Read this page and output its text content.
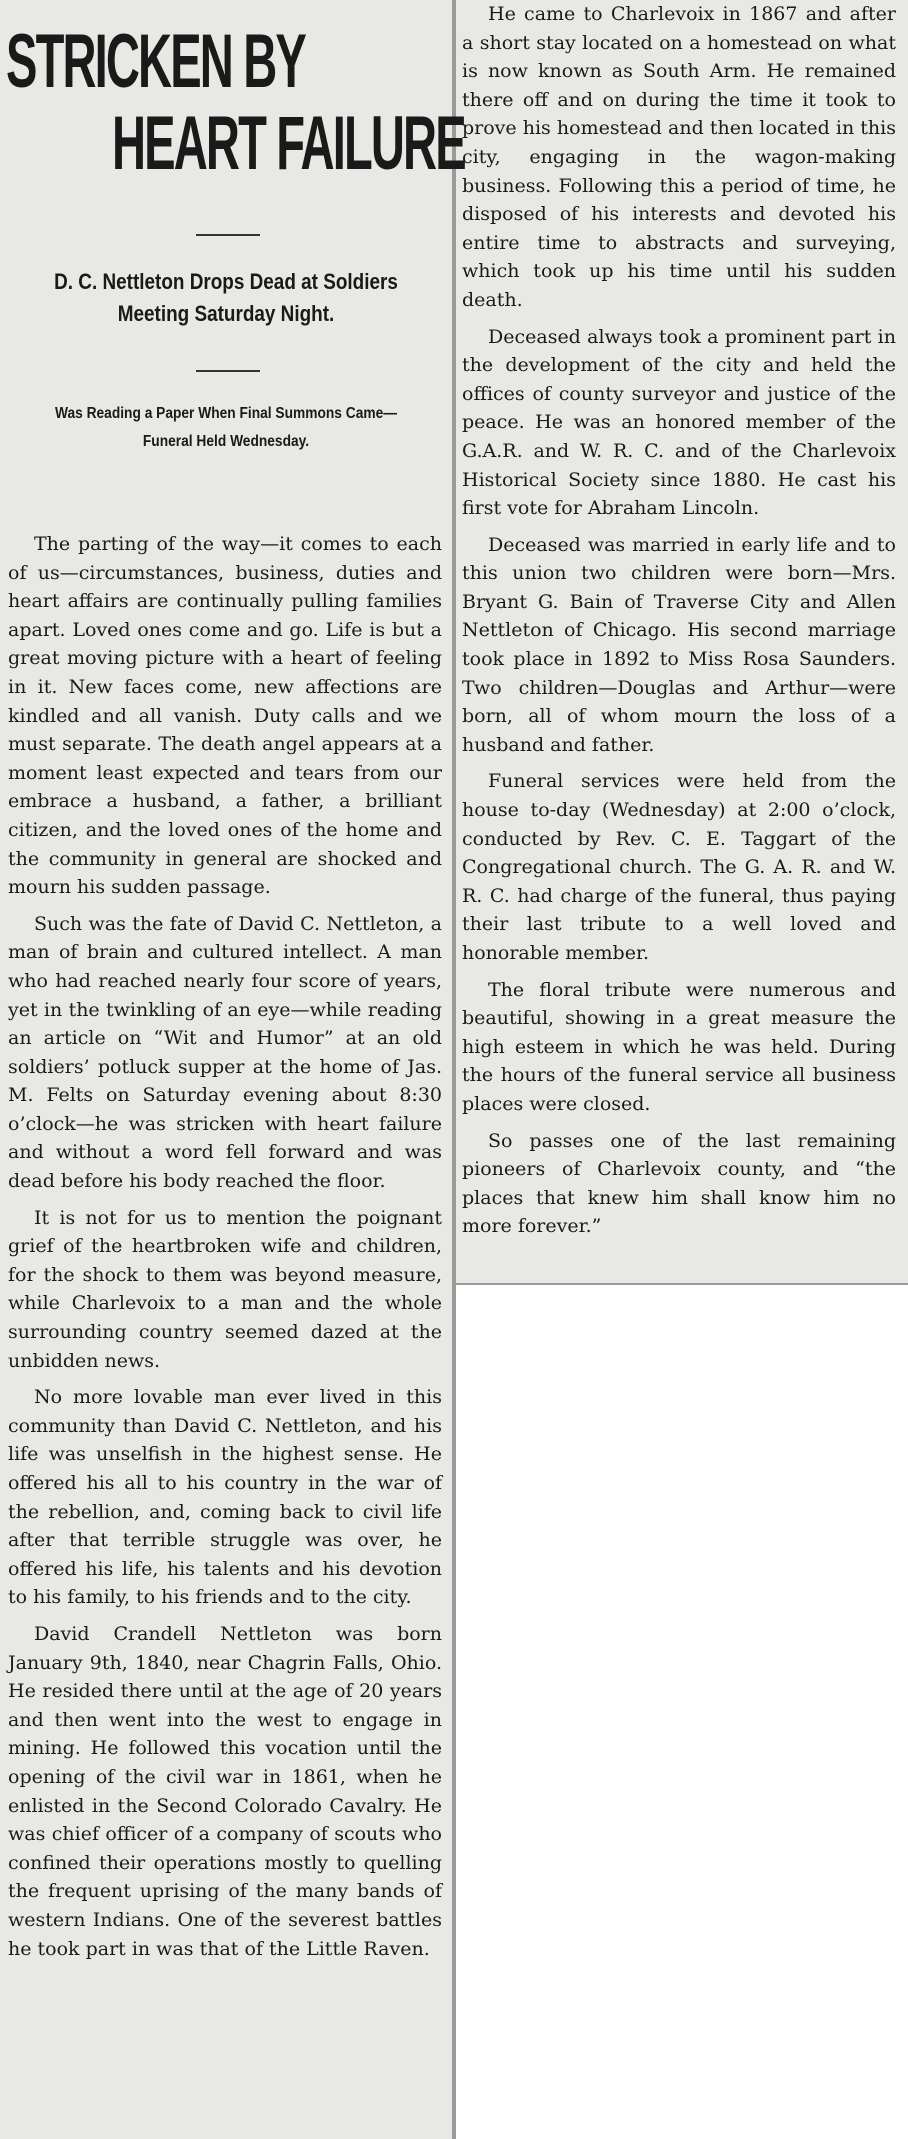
STRICKEN BY
HEART FAILURE
D. C. Nettleton Drops Dead at Soldiers Meeting Saturday Night.
Was Reading a Paper When Final Summons Came—Funeral Held Wednesday.

The parting of the way—it comes to each of us—circumstances, business, duties and heart affairs are continually pulling families apart. Loved ones come and go. Life is but a great moving picture with a heart of feeling in it. New faces come, new affections are kindled and all vanish. Duty calls and we must separate. The death angel appears at a moment least expected and tears from our embrace a husband, a father, a brilliant citizen, and the loved ones of the home and the community in general are shocked and mourn his sudden passage.

Such was the fate of David C. Nettleton, a man of brain and cultured intellect. A man who had reached nearly four score of years, yet in the twinkling of an eye—while reading an article on “Wit and Humor” at an old soldiers’ potluck supper at the home of Jas. M. Felts on Saturday evening about 8:30 o’clock—he was stricken with heart failure and without a word fell forward and was dead before his body reached the floor.

It is not for us to mention the poignant grief of the heartbroken wife and children, for the shock to them was beyond measure, while Charlevoix to a man and the whole surrounding country seemed dazed at the unbidden news.

No more lovable man ever lived in this community than David C. Nettleton, and his life was unselfish in the highest sense. He offered his all to his country in the war of the rebellion, and, coming back to civil life after that terrible struggle was over, he offered his life, his talents and his devotion to his family, to his friends and to the city.

David Crandell Nettleton was born January 9th, 1840, near Chagrin Falls, Ohio. He resided there until at the age of 20 years and then went into the west to engage in mining. He followed this vocation until the opening of the civil war in 1861, when he enlisted in the Second Colorado Cavalry. He was chief officer of a company of scouts who confined their operations mostly to quelling the frequent uprising of the many bands of western Indians. One of the severest battles he took part in was that of the Little Raven.

He came to Charlevoix in 1867 and after a short stay located on a homestead on what is now known as South Arm. He remained there off and on during the time it took to prove his homestead and then located in this city, engaging in the wagon-making business. Following this a period of time, he disposed of his interests and devoted his entire time to abstracts and surveying, which took up his time until his sudden death.

Deceased always took a prominent part in the development of the city and held the offices of county surveyor and justice of the peace. He was an honored member of the G.A.R. and W. R. C. and of the Charlevoix Historical Society since 1880. He cast his first vote for Abraham Lincoln.

Deceased was married in early life and to this union two children were born—Mrs. Bryant G. Bain of Traverse City and Allen Nettleton of Chicago. His second marriage took place in 1892 to Miss Rosa Saunders. Two children—Douglas and Arthur—were born, all of whom mourn the loss of a husband and father.

Funeral services were held from the house to-day (Wednesday) at 2:00 o’clock, conducted by Rev. C. E. Taggart of the Congregational church. The G. A. R. and W. R. C. had charge of the funeral, thus paying their last tribute to a well loved and honorable member.

The floral tribute were numerous and beautiful, showing in a great measure the high esteem in which he was held. During the hours of the funeral service all business places were closed.

So passes one of the last remaining pioneers of Charlevoix county, and “the places that knew him shall know him no more forever.”
